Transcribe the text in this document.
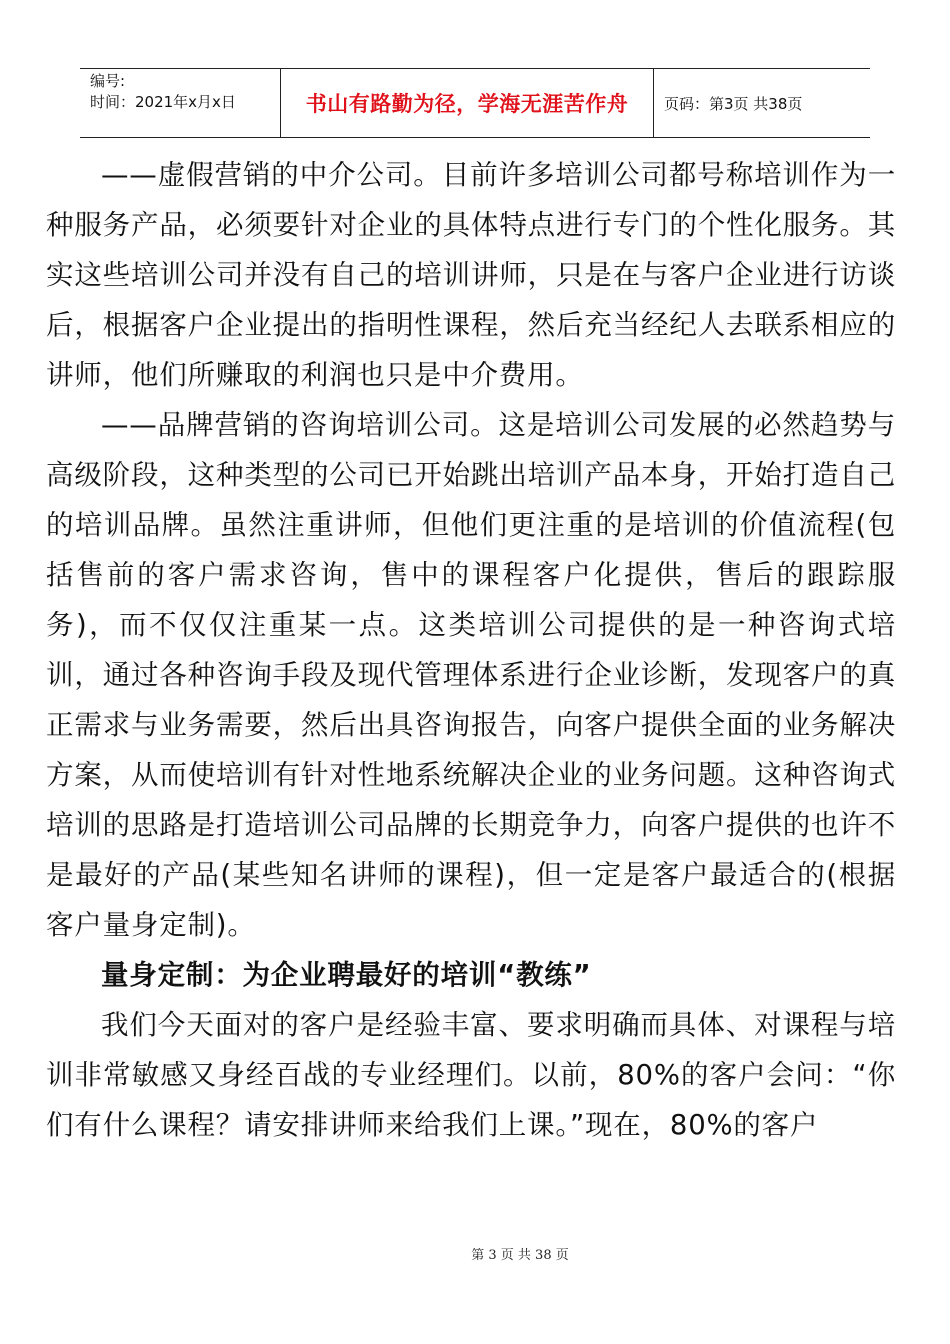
编号:
时间：2021年x月x日	书山有路勤为径，学海无涯苦作舟	页码：第3页 共38页

——虚假营销的中介公司。目前许多培训公司都号称培训作为一种服务产品，必须要针对企业的具体特点进行专门的个性化服务。其实这些培训公司并没有自己的培训讲师，只是在与客户企业进行访谈后，根据客户企业提出的指明性课程，然后充当经纪人去联系相应的讲师，他们所赚取的利润也只是中介费用。

——品牌营销的咨询培训公司。这是培训公司发展的必然趋势与高级阶段，这种类型的公司已开始跳出培训产品本身，开始打造自己的培训品牌。虽然注重讲师，但他们更注重的是培训的价值流程(包括售前的客户需求咨询，售中的课程客户化提供，售后的跟踪服务)，而不仅仅注重某一点。这类培训公司提供的是一种咨询式培训，通过各种咨询手段及现代管理体系进行企业诊断，发现客户的真正需求与业务需要，然后出具咨询报告，向客户提供全面的业务解决方案，从而使培训有针对性地系统解决企业的业务问题。这种咨询式培训的思路是打造培训公司品牌的长期竞争力，向客户提供的也许不是最好的产品(某些知名讲师的课程)，但一定是客户最适合的(根据客户量身定制)。

量身定制：为企业聘最好的培训“教练”

我们今天面对的客户是经验丰富、要求明确而具体、对课程与培训非常敏感又身经百战的专业经理们。以前，80%的客户会问：“你们有什么课程？请安排讲师来给我们上课。”现在，80%的客户

第 3 页 共 38 页
